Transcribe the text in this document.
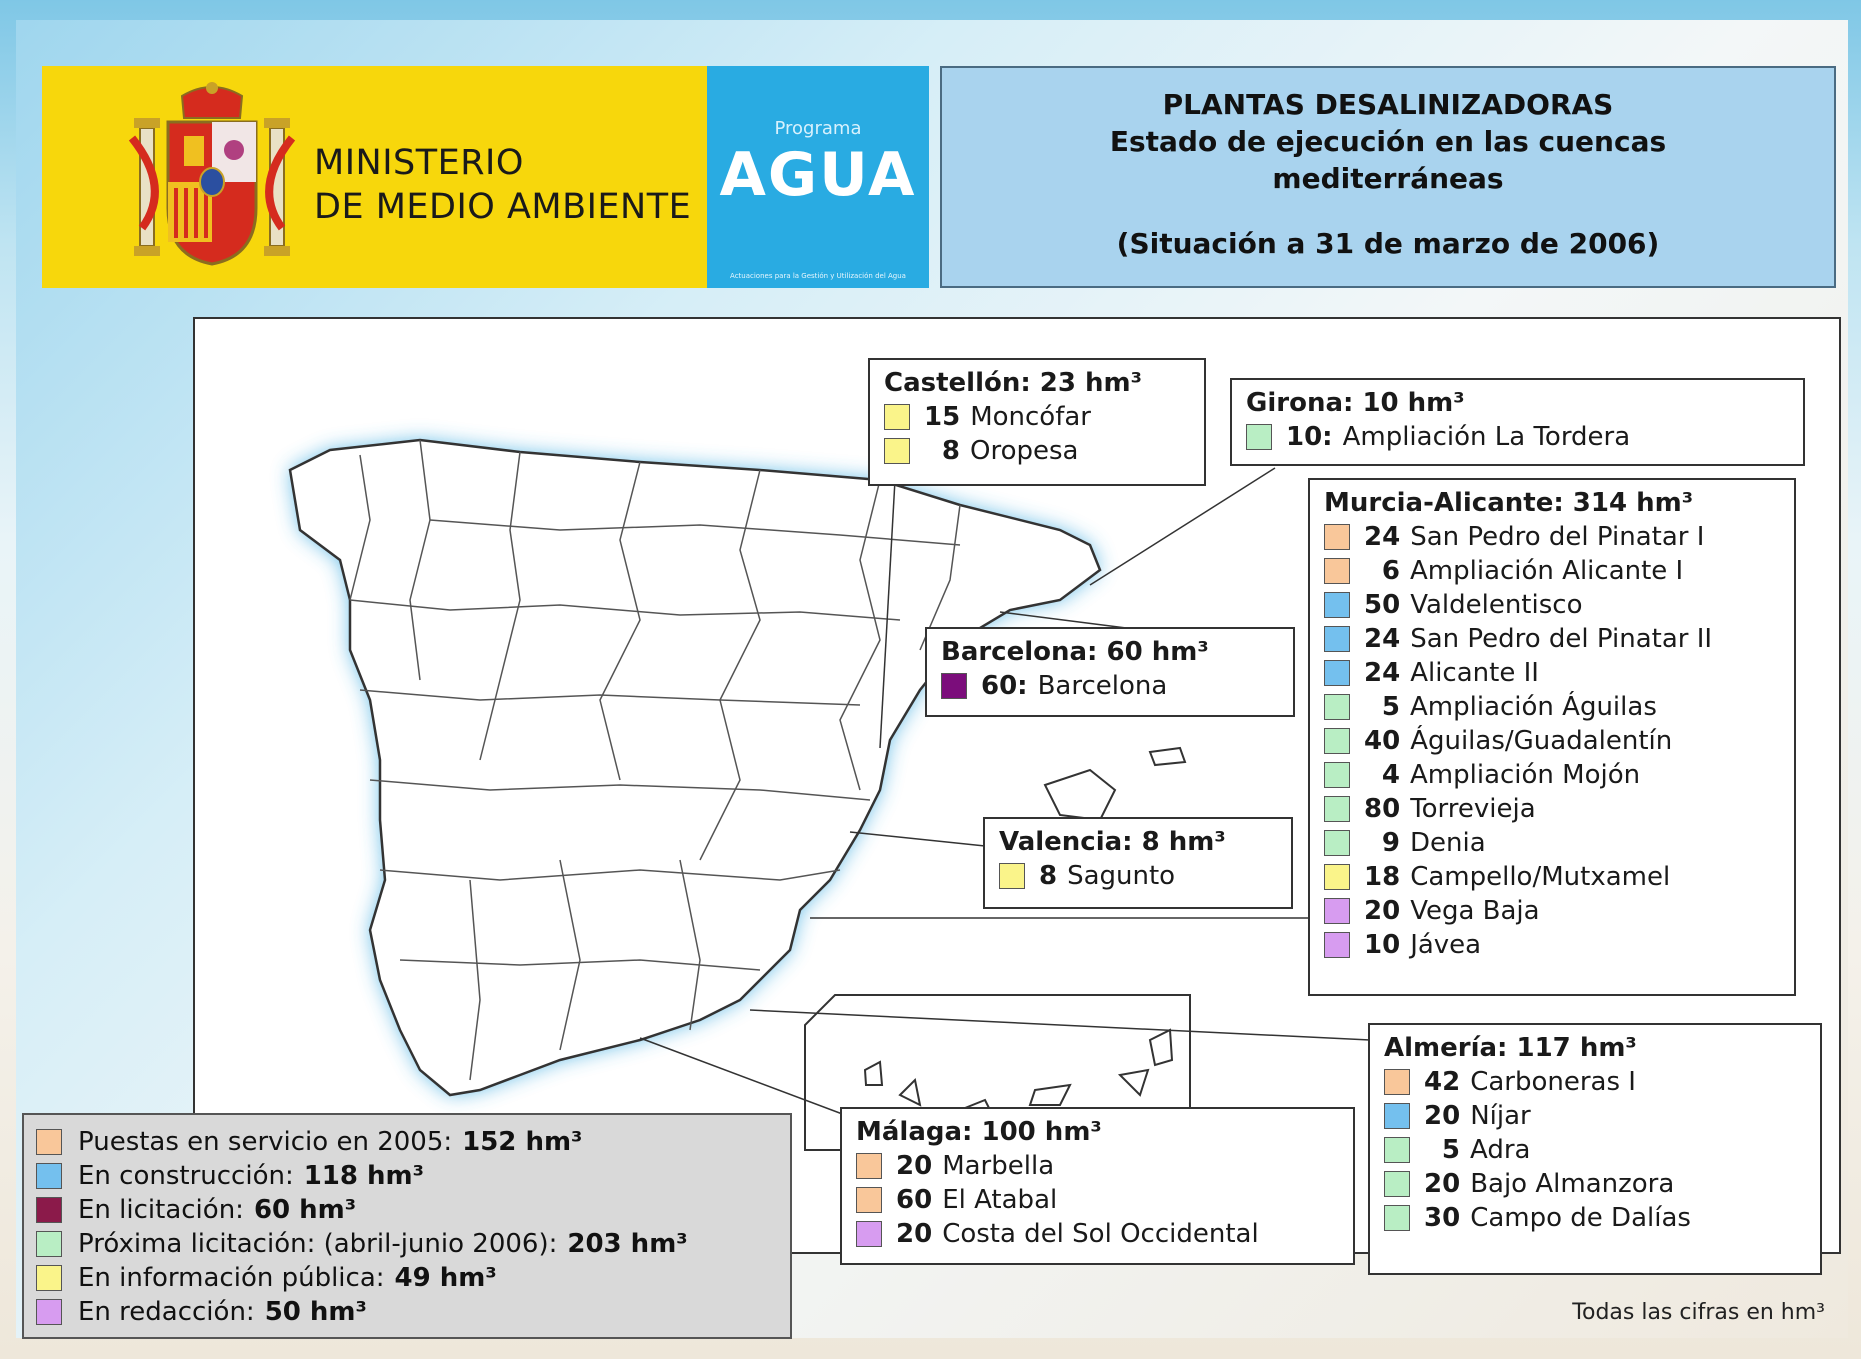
MINISTERIO
DE MEDIO AMBIENTE
Programa
AGUA
Actuaciones para la Gestión y Utilización del Agua
PLANTAS DESALINIZADORAS
Estado de ejecución en las cuencas
mediterráneas
(Situación a 31 de marzo de 2006)
Castellón: 23 hm³
15 Moncófar
8 Oropesa
Girona: 10 hm³
10: Ampliación La Tordera
Murcia-Alicante: 314 hm³
24 San Pedro del Pinatar I
6 Ampliación Alicante I
50 Valdelentisco
24 San Pedro del Pinatar II
24 Alicante II
5 Ampliación Águilas
40 Águilas/Guadalentín
4 Ampliación Mojón
80 Torrevieja
9 Denia
18 Campello/Mutxamel
20 Vega Baja
10 Jávea
Barcelona: 60 hm³
60: Barcelona
Valencia: 8 hm³
8 Sagunto
Almería: 117 hm³
42 Carboneras I
20 Níjar
5 Adra
20 Bajo Almanzora
30 Campo de Dalías
Málaga: 100 hm³
20 Marbella
60 El Atabal
20 Costa del Sol Occidental
Puestas en servicio en 2005: 152 hm³
En construcción: 118 hm³
En licitación: 60 hm³
Próxima licitación: (abril-junio 2006): 203 hm³
En información pública: 49 hm³
En redacción: 50 hm³	Todas las cifras en hm³
